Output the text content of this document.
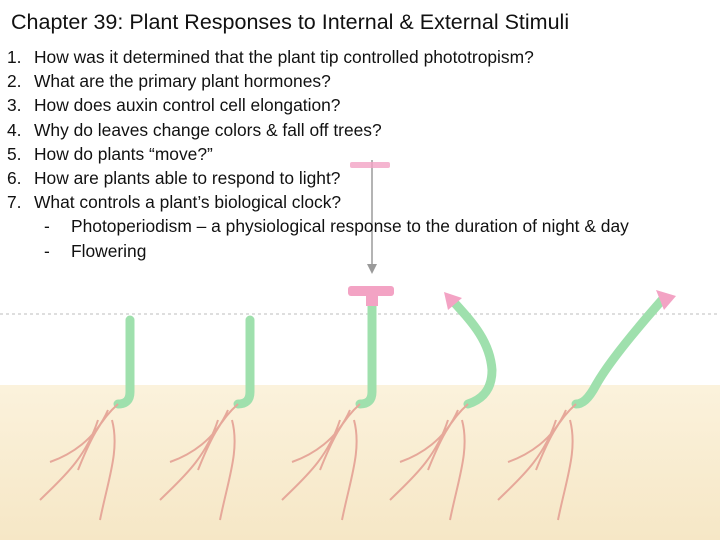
Chapter 39: Plant Responses to Internal & External Stimuli
1. How was it determined that the plant tip controlled phototropism?
2. What are the primary plant hormones?
3. How does auxin control cell elongation?
4. Why do leaves change colors & fall off trees?
5. How do plants “move?”
6. How are plants able to respond to light?
7. What controls a plant’s biological clock?
-	Photoperiodism – a physiological response to the duration of night & day
-	Flowering
